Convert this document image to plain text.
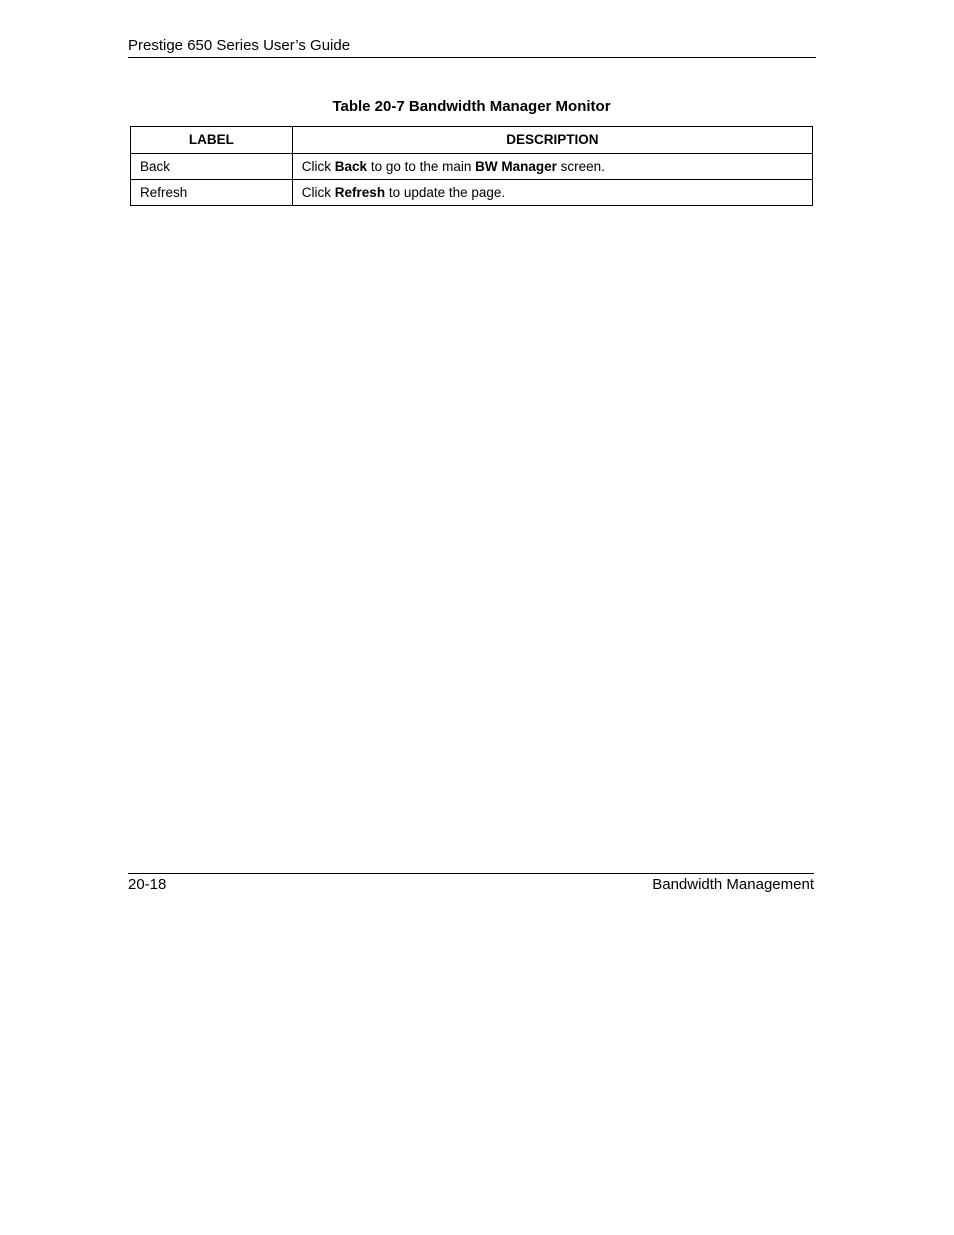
Prestige 650 Series User’s Guide
Table 20-7 Bandwidth Manager Monitor
LABEL	DESCRIPTION
Back	Click Back to go to the main BW Manager screen.
Refresh	Click Refresh to update the page.
20-18	Bandwidth Management
